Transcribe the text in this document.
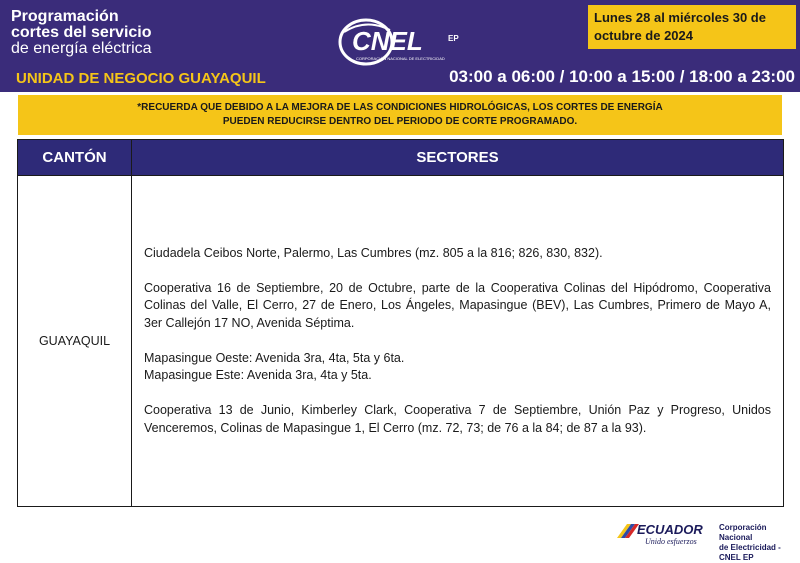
Programación
cortes del servicio
de energía eléctrica
UNIDAD DE NEGOCIO GUAYAQUIL
CNEL	EP
CORPORACIÓN NACIONAL DE ELECTRICIDAD
Lunes 28 al miércoles 30 de octubre de 2024
03:00 a 06:00 / 10:00 a 15:00 / 18:00 a 23:00
*RECUERDA QUE DEBIDO A LA MEJORA DE LAS CONDICIONES HIDROLÓGICAS, LOS CORTES DE ENERGÍA
PUEDEN REDUCIRSE DENTRO DEL PERIODO DE CORTE PROGRAMADO.
CANTÓN	SECTORES
GUAYAQUIL	Ciudadela Ceibos Norte, Palermo, Las Cumbres (mz. 805 a la 816; 826, 830, 832).

Cooperativa 16 de Septiembre, 20 de Octubre, parte de la Cooperativa Colinas del Hipódromo, Cooperativa Colinas del Valle, El Cerro, 27 de Enero, Los Ángeles, Mapasingue (BEV), Las Cumbres, Primero de Mayo A, 3er Callejón 17 NO, Avenida Séptima.

Mapasingue Oeste: Avenida 3ra, 4ta, 5ta y 6ta.

Mapasingue Este: Avenida 3ra, 4ta y 5ta.

Cooperativa 13 de Junio, Kimberley Clark, Cooperativa 7 de Septiembre, Unión Paz y Progreso, Unidos Venceremos, Colinas de Mapasingue 1, El Cerro (mz. 72, 73; de 76 a la 84; de 87 a la 93).

ECUADOR
Unido esfuerzos
Corporación Nacional
de Electricidad - CNEL EP
